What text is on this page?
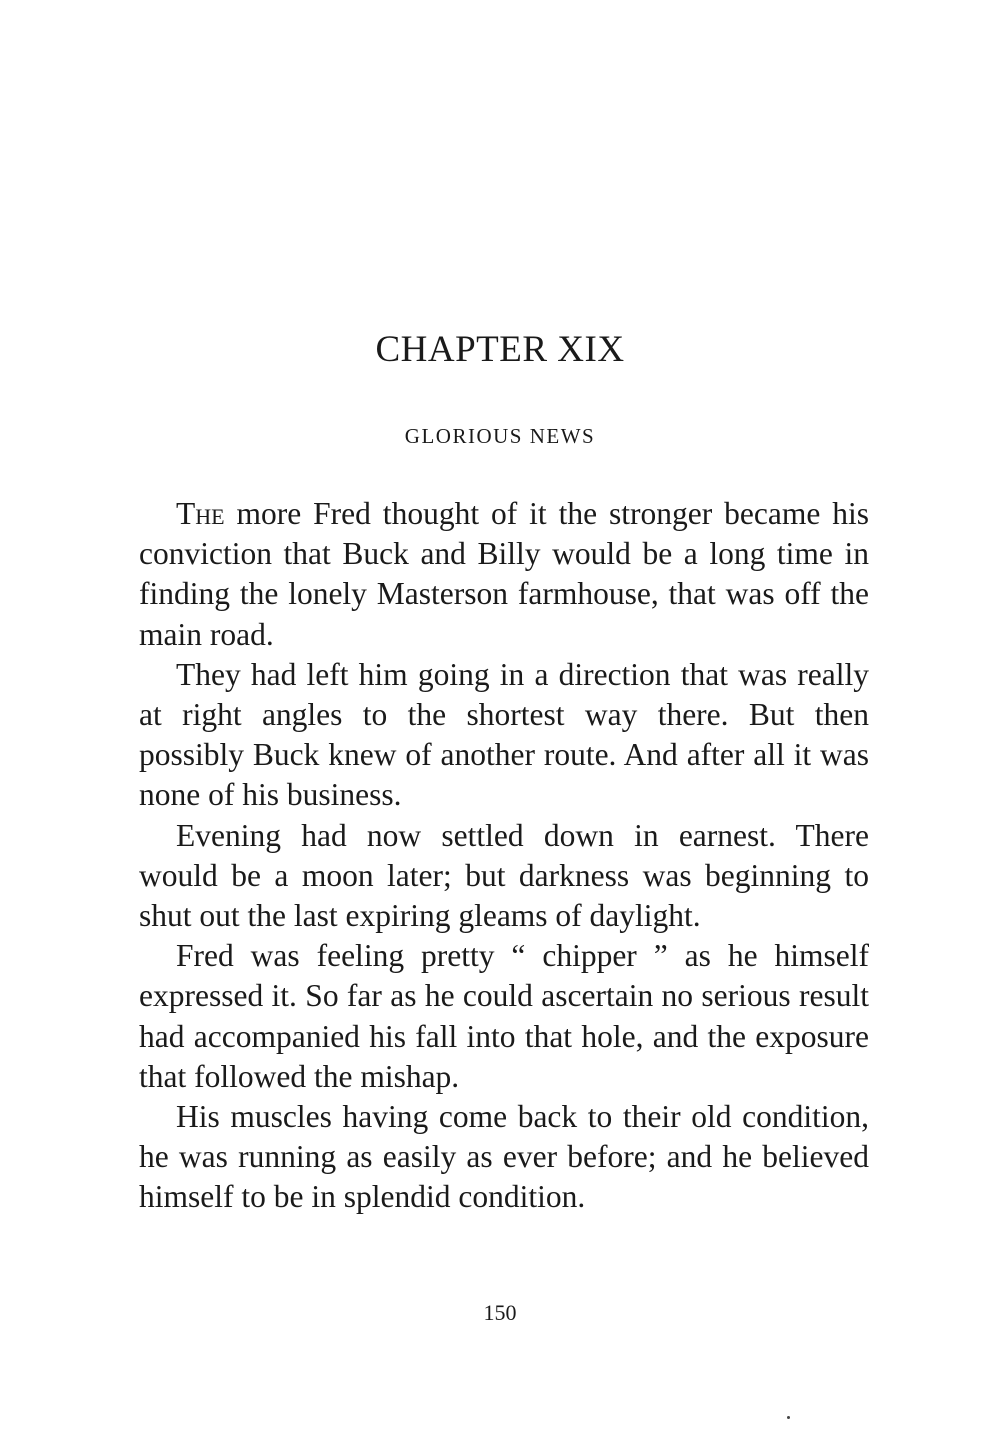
CHAPTER XIX
GLORIOUS NEWS

The more Fred thought of it the stronger became his conviction that Buck and Billy would be a long time in finding the lonely Masterson farmhouse, that was off the main road.

They had left him going in a direction that was really at right angles to the shortest way there. But then possibly Buck knew of another route. And after all it was none of his business.

Evening had now settled down in earnest. There would be a moon later; but darkness was beginning to shut out the last expiring gleams of daylight.

Fred was feeling pretty “ chipper ” as he himself expressed it. So far as he could ascertain no serious result had accompanied his fall into that hole, and the exposure that followed the mishap.

His muscles having come back to their old condition, he was running as easily as ever before; and he believed himself to be in splendid condition.

150
